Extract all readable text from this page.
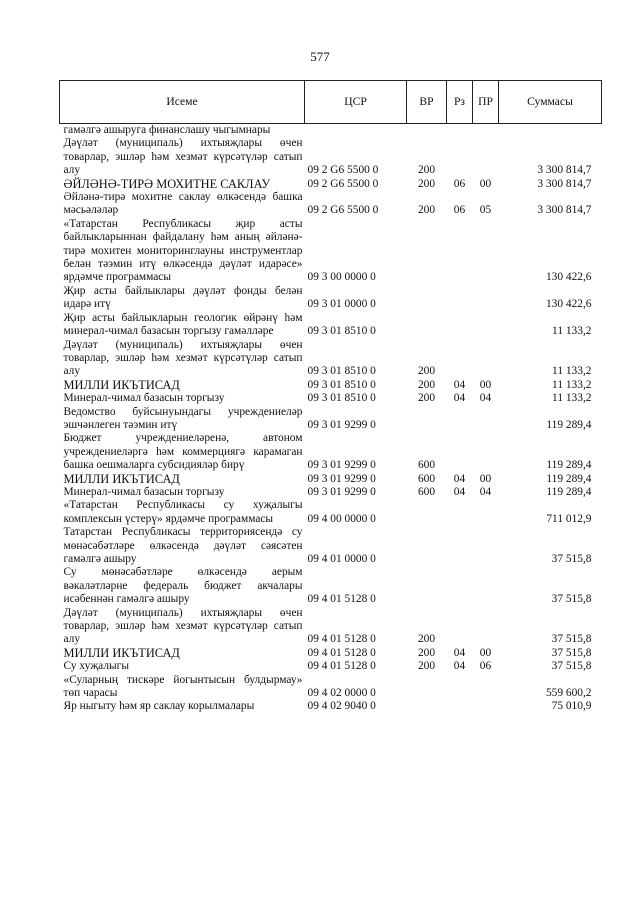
577
Исеме	ЦСР	ВР	Рз	ПР	Суммасы
гамәлгә ашыруга финанслашу чыгымнары					
Дәүләт (муниципаль) ихтыяҗлары өчен товарлар, эшләр һәм хезмәт күрсәтүләр сатып алу	09 2 G6 5500 0	200			3 300 814,7
ӘЙЛӘНӘ-ТИРӘ МОХИТНЕ САКЛАУ	09 2 G6 5500 0	200	06	00	3 300 814,7
Әйләнә-тирә мохитне саклау өлкәсендә башка мәсьәләләр	09 2 G6 5500 0	200	06	05	3 300 814,7
«Татарстан Республикасы җир асты байлыкларыннан файдалану һәм аның әйләнә-тирә мохитен мониторинглауны инструментлар белән тәэмин итү өлкәсендә дәүләт идарәсе» ярдәмче программасы	09 3 00 0000 0				130 422,6
Җир асты байлыклары дәүләт фонды белән идарә итү	09 3 01 0000 0				130 422,6
Җир асты байлыкларын геологик өйрәнү һәм минерал-чимал базасын торгызу гамәлләре	09 3 01 8510 0				11 133,2
Дәүләт (муниципаль) ихтыяҗлары өчен товарлар, эшләр һәм хезмәт күрсәтүләр сатып алу	09 3 01 8510 0	200			11 133,2
МИЛЛИ ИКЪТИСАД	09 3 01 8510 0	200	04	00	11 133,2
Минерал-чимал базасын торгызу	09 3 01 8510 0	200	04	04	11 133,2
Ведомство буйсынуындагы учреждениеләр эшчәнлеген тәэмин итү	09 3 01 9299 0				119 289,4
Бюджет учреждениеләренә, автоном учреждениеләргә һәм коммерциягә карамаган башка оешмаларга субсидияләр бирү	09 3 01 9299 0	600			119 289,4
МИЛЛИ ИКЪТИСАД	09 3 01 9299 0	600	04	00	119 289,4
Минерал-чимал базасын торгызу	09 3 01 9299 0	600	04	04	119 289,4
«Татарстан Республикасы су хуҗалыгы комплексын үстерү» ярдәмче программасы	09 4 00 0000 0				711 012,9
Татарстан Республикасы территориясендә су мөнәсәбәтләре өлкәсендә дәүләт сәясәтен гамәлгә ашыру	09 4 01 0000 0				37 515,8
Су мөнәсәбәтләре өлкәсендә аерым вәкаләтләрне федераль бюджет акчалары исәбеннән гамәлгә ашыру	09 4 01 5128 0				37 515,8
Дәүләт (муниципаль) ихтыяҗлары өчен товарлар, эшләр һәм хезмәт күрсәтүләр сатып алу	09 4 01 5128 0	200			37 515,8
МИЛЛИ ИКЪТИСАД	09 4 01 5128 0	200	04	00	37 515,8
Су хуҗалыгы	09 4 01 5128 0	200	04	06	37 515,8
«Суларның тискәре йогынтысын булдырмау» төп чарасы	09 4 02 0000 0				559 600,2
Яр ныгыту һәм яр саклау корылмалары	09 4 02 9040 0				75 010,9
